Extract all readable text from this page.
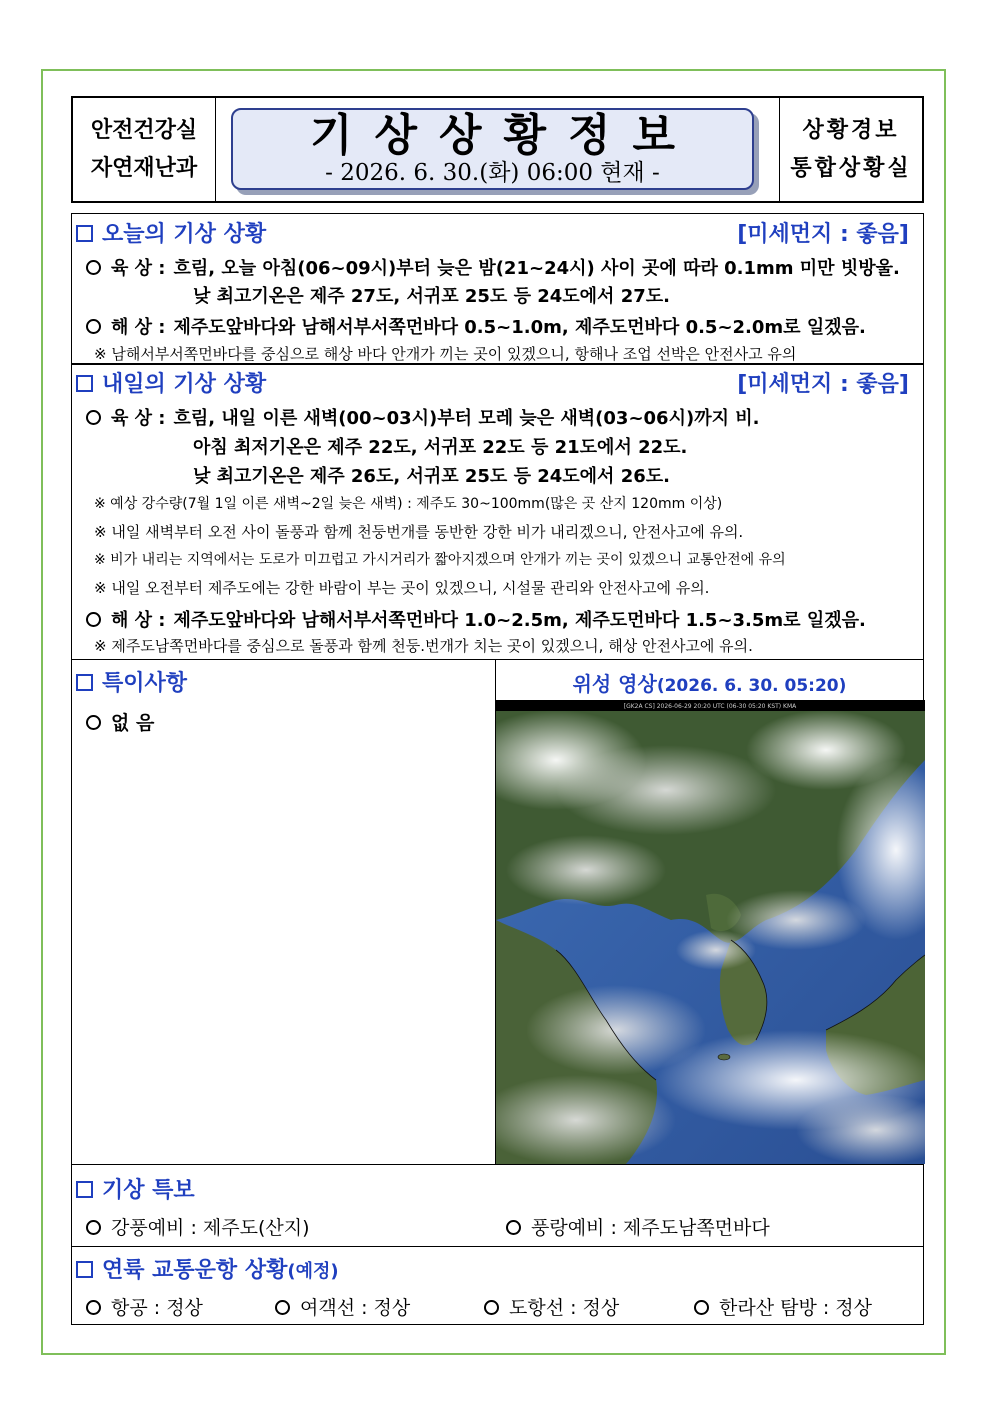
안전건강실
자연재난과
기상상황정보
- 2026. 6. 30.(화) 06:00 현재 -
상황경보
통합상황실
오늘의 기상 상황	[미세먼지 : 좋음]
육 상 : 흐림, 오늘 아침(06~09시)부터 늦은 밤(21~24시) 사이 곳에 따라 0.1mm 미만 빗방울.
낮 최고기온은 제주 27도, 서귀포 25도 등 24도에서 27도.
해 상 : 제주도앞바다와 남해서부서쪽먼바다 0.5~1.0m, 제주도먼바다 0.5~2.0m로 일겠음.
※ 남해서부서쪽먼바다를 중심으로 해상 바다 안개가 끼는 곳이 있겠으니, 항해나 조업 선박은 안전사고 유의
내일의 기상 상황	[미세먼지 : 좋음]
육 상 : 흐림, 내일 이른 새벽(00~03시)부터 모레 늦은 새벽(03~06시)까지 비.
아침 최저기온은 제주 22도, 서귀포 22도 등 21도에서 22도.
낮 최고기온은 제주 26도, 서귀포 25도 등 24도에서 26도.
※ 예상 강수량(7월 1일 이른 새벽~2일 늦은 새벽) : 제주도 30~100mm(많은 곳 산지 120mm 이상)
※ 내일 새벽부터 오전 사이 돌풍과 함께 천둥번개를 동반한 강한 비가 내리겠으니, 안전사고에 유의.
※ 비가 내리는 지역에서는 도로가 미끄럽고 가시거리가 짧아지겠으며 안개가 끼는 곳이 있겠으니 교통안전에 유의
※ 내일 오전부터 제주도에는 강한 바람이 부는 곳이 있겠으니, 시설물 관리와 안전사고에 유의.
해 상 : 제주도앞바다와 남해서부서쪽먼바다 1.0~2.5m, 제주도먼바다 1.5~3.5m로 일겠음.
※ 제주도남쪽먼바다를 중심으로 돌풍과 함께 천둥.번개가 치는 곳이 있겠으니, 해상 안전사고에 유의.
특이사항
없 음
위성 영상(2026. 6. 30. 05:20)
[GK2A CS] 2026-06-29 20:20 UTC (06-30 05:20 KST) KMA
기상 특보
강풍예비 : 제주도(산지)	풍랑예비 : 제주도남쪽먼바다
연륙 교통운항 상황(예정)
항공 : 정상	여객선 : 정상	도항선 : 정상	한라산 탐방 : 정상
